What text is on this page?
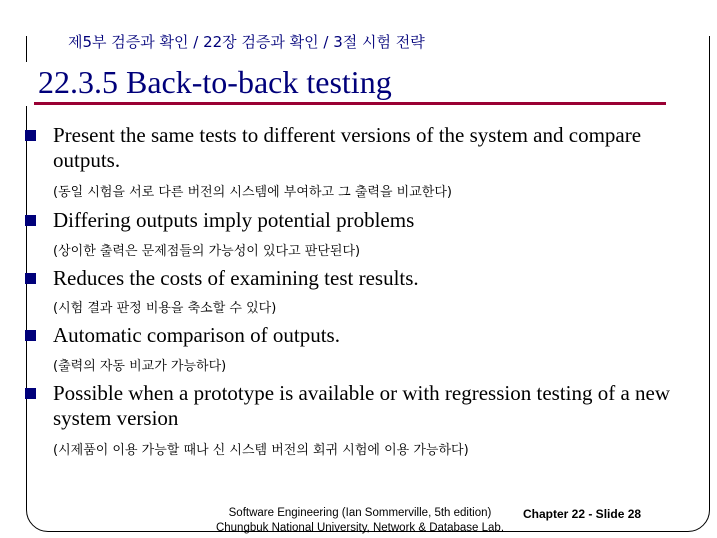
제5부 검증과 확인 / 22장 검증과 확인 / 3절 시험 전략
22.3.5 Back-to-back testing
Present the same tests to different versions of the system and compare outputs.
(동일 시험을 서로 다른 버전의 시스템에 부여하고 그 출력을 비교한다)
Differing outputs imply potential problems
(상이한 출력은 문제점들의 가능성이 있다고 판단된다)
Reduces the costs of examining test results.
(시험 결과 판정 비용을 축소할 수 있다)
Automatic comparison of outputs.
(출력의 자동 비교가 가능하다)
Possible when a prototype is available or with regression testing of a new system version
(시제품이 이용 가능할 때나 신 시스템 버전의 회귀 시험에 이용 가능하다)
Software Engineering (Ian Sommerville, 5th edition)
Chungbuk National University, Network & Database Lab.
Chapter 22 - Slide 28
